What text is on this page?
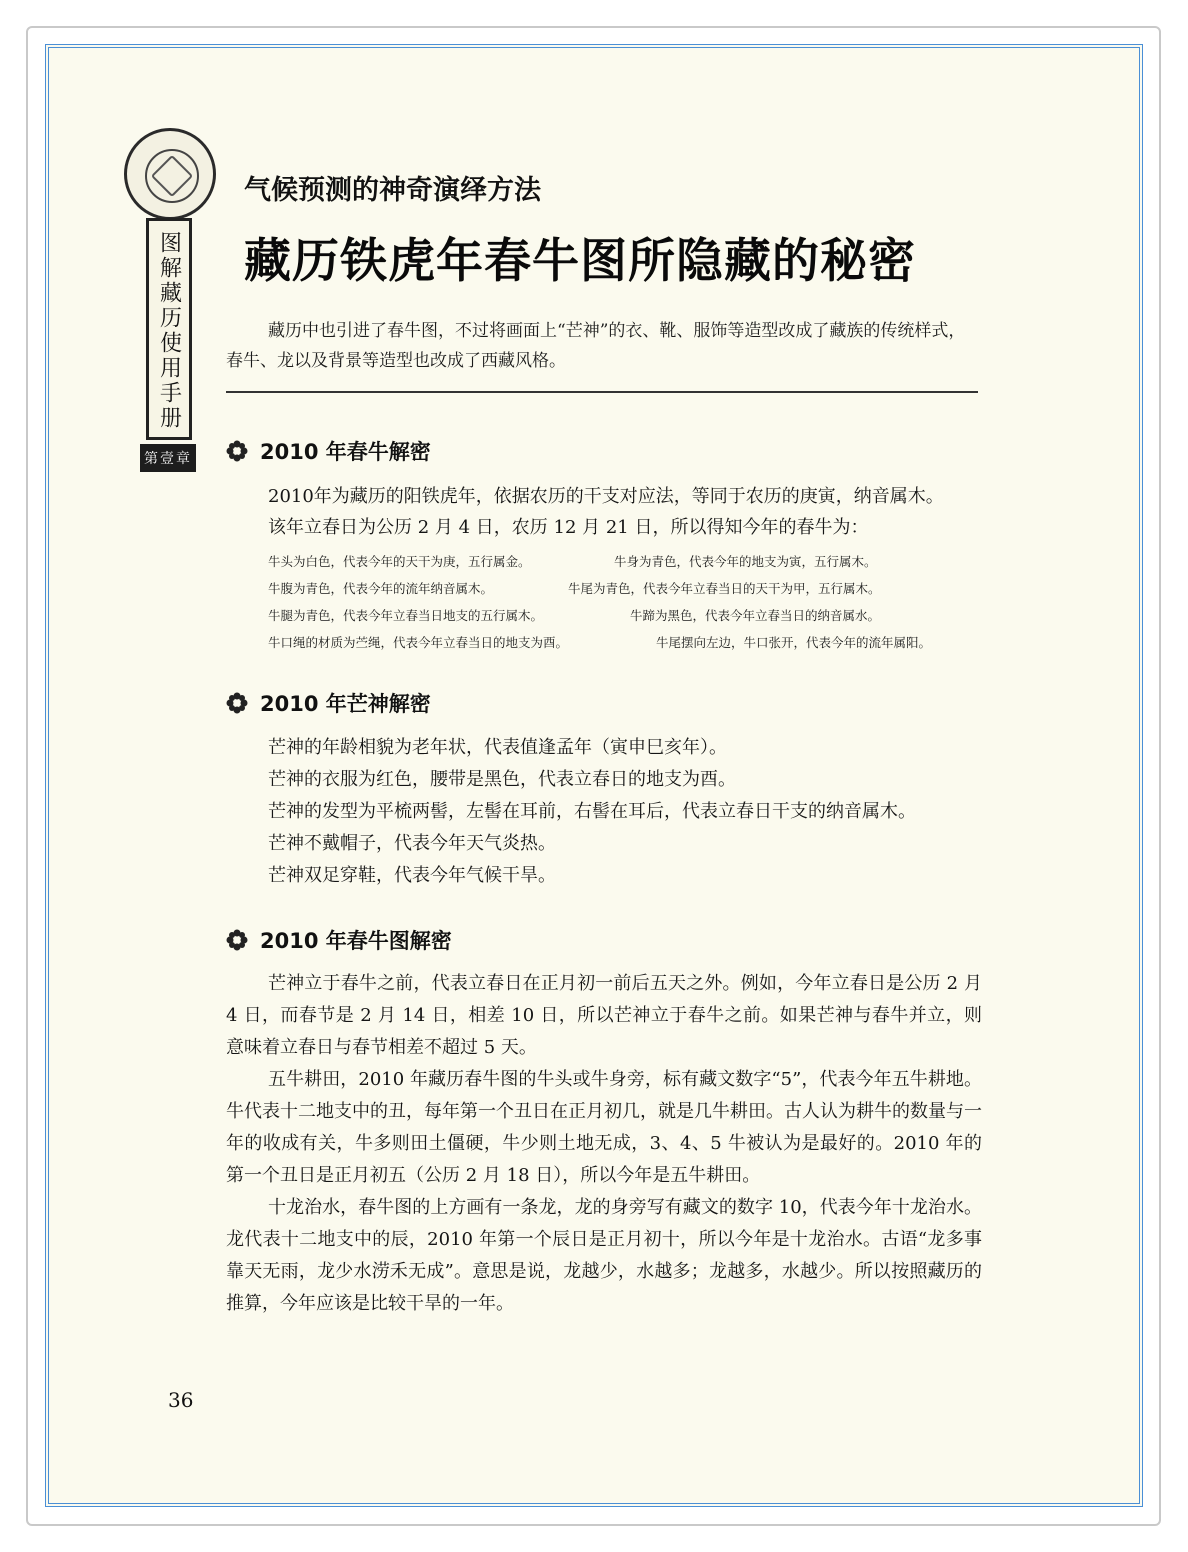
图解藏历使用手册
第壹章
气候预测的神奇演绎方法
藏历铁虎年春牛图所隐藏的秘密
藏历中也引进了春牛图，不过将画面上“芒神”的衣、靴、服饰等造型改成了藏族的传统样式，春牛、龙以及背景等造型也改成了西藏风格。
2010 年春牛解密
2010年为藏历的阳铁虎年，依据农历的干支对应法，等同于农历的庚寅，纳音属木。
该年立春日为公历 2 月 4 日，农历 12 月 21 日，所以得知今年的春牛为：
牛头为白色，代表今年的天干为庚，五行属金。	牛身为青色，代表今年的地支为寅，五行属木。
牛腹为青色，代表今年的流年纳音属木。	牛尾为青色，代表今年立春当日的天干为甲，五行属木。
牛腿为青色，代表今年立春当日地支的五行属木。	牛蹄为黑色，代表今年立春当日的纳音属水。
牛口绳的材质为苎绳，代表今年立春当日的地支为酉。	牛尾摆向左边，牛口张开，代表今年的流年属阳。
2010 年芒神解密
芒神的年龄相貌为老年状，代表值逢孟年（寅申巳亥年）。
芒神的衣服为红色，腰带是黑色，代表立春日的地支为酉。
芒神的发型为平梳两髻，左髻在耳前，右髻在耳后，代表立春日干支的纳音属木。
芒神不戴帽子，代表今年天气炎热。
芒神双足穿鞋，代表今年气候干旱。
2010 年春牛图解密

芒神立于春牛之前，代表立春日在正月初一前后五天之外。例如，今年立春日是公历 2 月 4 日，而春节是 2 月 14 日，相差 10 日，所以芒神立于春牛之前。如果芒神与春牛并立，则意味着立春日与春节相差不超过 5 天。

五牛耕田，2010 年藏历春牛图的牛头或牛身旁，标有藏文数字“5”，代表今年五牛耕地。牛代表十二地支中的丑，每年第一个丑日在正月初几，就是几牛耕田。古人认为耕牛的数量与一年的收成有关，牛多则田土僵硬，牛少则土地无成，3、4、5 牛被认为是最好的。2010 年的第一个丑日是正月初五（公历 2 月 18 日），所以今年是五牛耕田。

十龙治水，春牛图的上方画有一条龙，龙的身旁写有藏文的数字 10，代表今年十龙治水。龙代表十二地支中的辰，2010 年第一个辰日是正月初十，所以今年是十龙治水。古语“龙多事靠天无雨，龙少水涝禾无成”。意思是说，龙越少，水越多；龙越多，水越少。所以按照藏历的推算，今年应该是比较干旱的一年。

36
